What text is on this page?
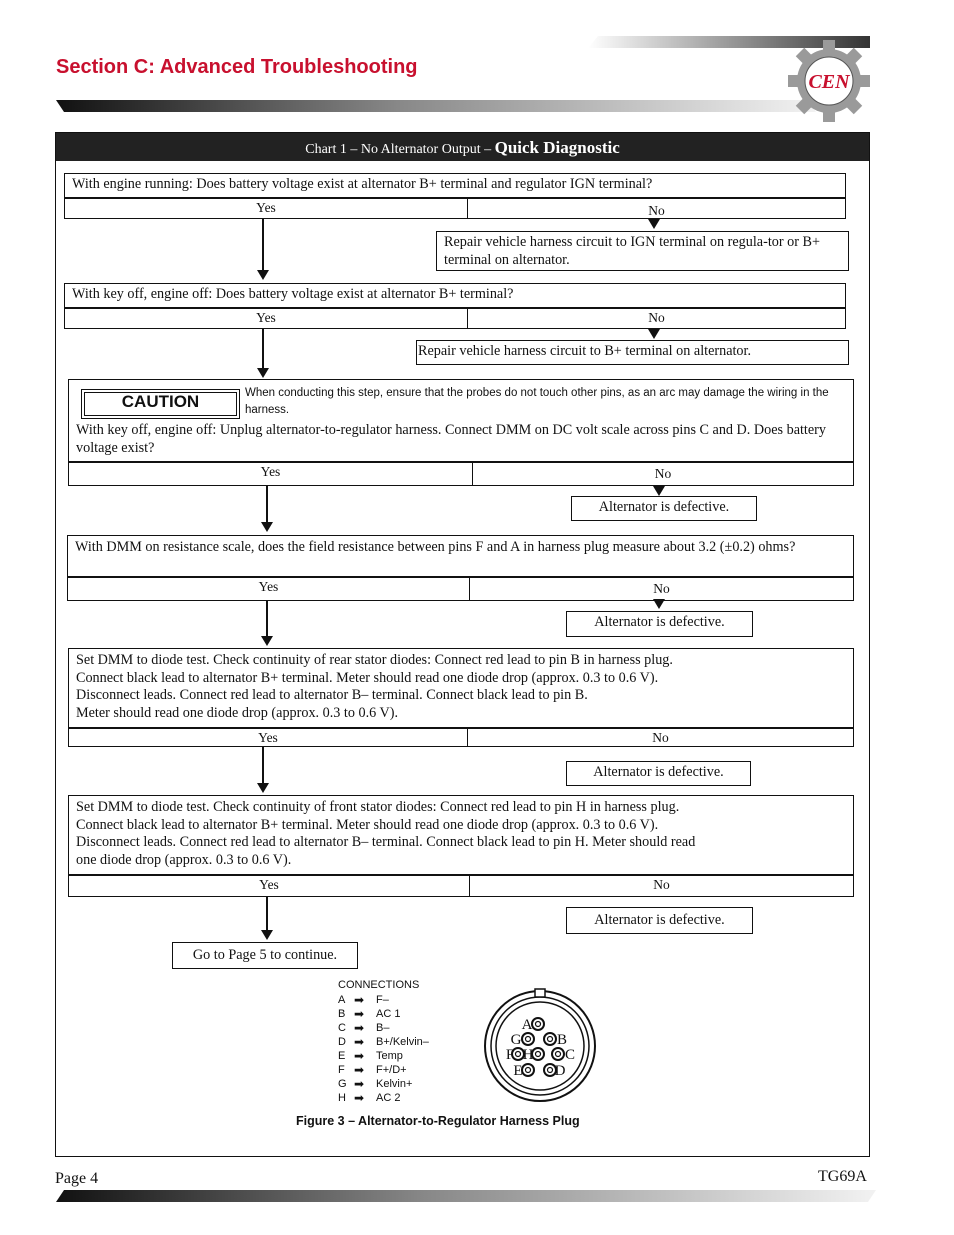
Section C: Advanced Troubleshooting
CEN
Chart 1 – No Alternator Output – Quick Diagnostic
With engine running: Does battery voltage exist at alternator B+ terminal and regulator IGN terminal?
Yes	No
Repair vehicle harness circuit to IGN terminal on regula-tor or B+ terminal on alternator.
With key off, engine off: Does battery voltage exist at alternator B+ terminal?
Yes	No
Repair vehicle harness circuit to B+ terminal on alternator.
CAUTION	When conducting this step, ensure that the probes do not touch other pins, as an arc may damage the wiring in the harness.
With key off, engine off: Unplug alternator-to-regulator harness. Connect DMM on DC volt scale across pins C and D. Does battery voltage exist?
Yes	No
Alternator is defective.
With DMM on resistance scale, does the field resistance between pins F and A in harness plug measure about 3.2 (±0.2) ohms?
Yes	No
Alternator is defective.
Set DMM to diode test. Check continuity of rear stator diodes: Connect red lead to pin B in harness plug.
Connect black lead to alternator B+ terminal. Meter should read one diode drop (approx. 0.3 to 0.6 V).
Disconnect leads. Connect red lead to alternator B– terminal. Connect black lead to pin B.
Meter should read one diode drop (approx. 0.3 to 0.6 V).
Yes	No
Alternator is defective.
Set DMM to diode test. Check continuity of front stator diodes: Connect red lead to pin H in harness plug.
Connect black lead to alternator B+ terminal. Meter should read one diode drop (approx. 0.3 to 0.6 V).
Disconnect leads. Connect red lead to alternator B– terminal. Connect black lead to pin H. Meter should read
one diode drop (approx. 0.3 to 0.6 V).
Yes	No
Alternator is defective.
Go to Page 5 to continue.
CONNECTIONS
A ➡ F–
B ➡ AC 1
C ➡ B–
D ➡ B+/Kelvin–
E ➡ Temp
F ➡ F+/D+
G ➡ Kelvin+
H ➡ AC 2
A
G B
F H C
E D
Figure 3 – Alternator-to-Regulator Harness Plug
Page 4	TG69A
